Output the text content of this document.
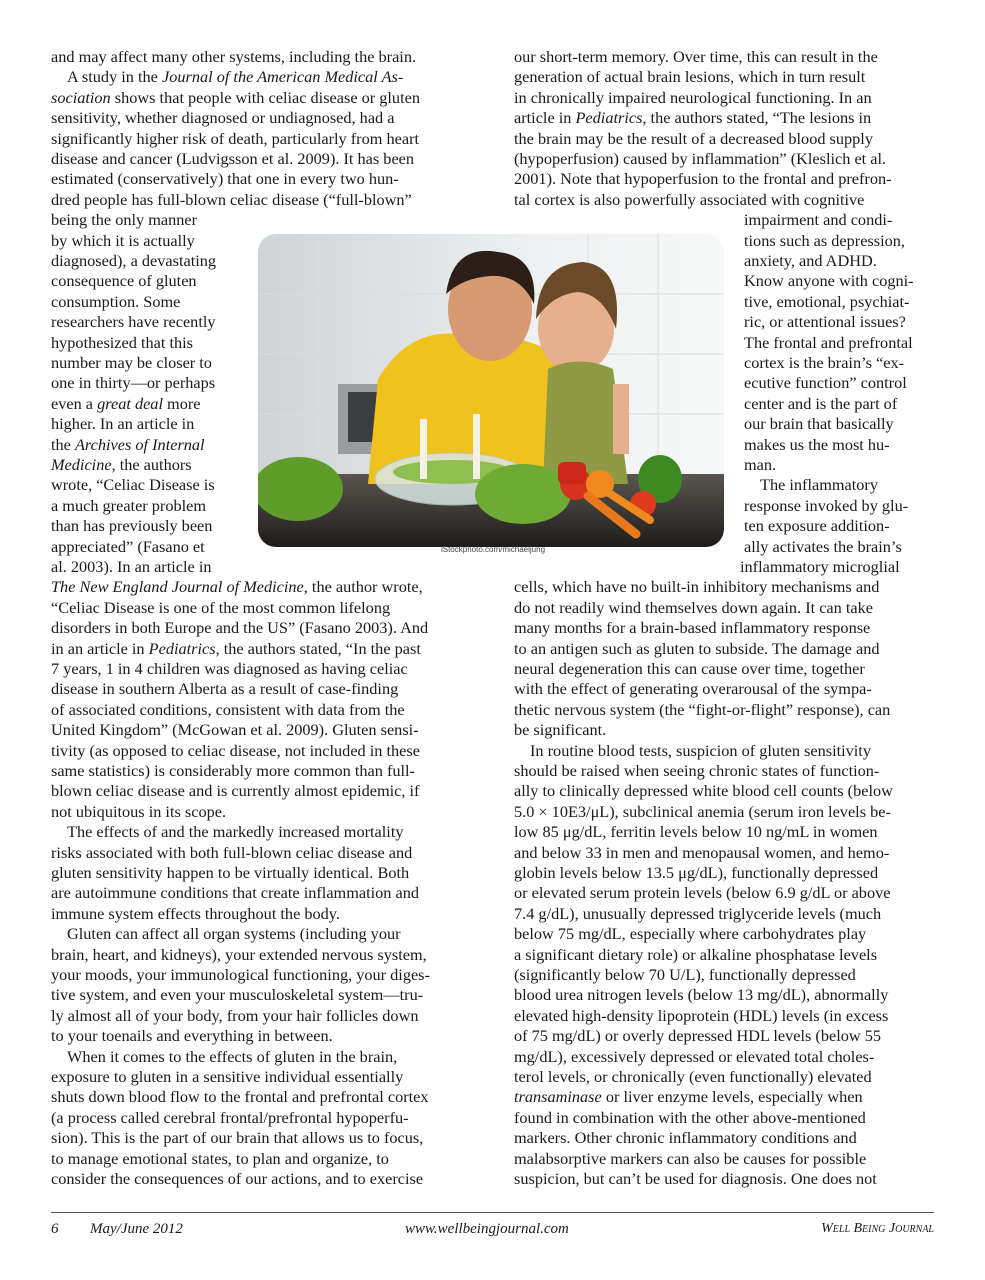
and may affect many other systems, including the brain.
A study in the Journal of the American Medical As-
sociation shows that people with celiac disease or gluten
sensitivity, whether diagnosed or undiagnosed, had a
significantly higher risk of death, particularly from heart
disease and cancer (Ludvigsson et al. 2009). It has been
estimated (conservatively) that one in every two hun-
dred people has full-blown celiac disease (“full-blown”
being the only manner
by which it is actually
diagnosed), a devastating
consequence of gluten
consumption. Some
researchers have recently
hypothesized that this
number may be closer to
one in thirty—or perhaps
even a great deal more
higher. In an article in
the Archives of Internal
Medicine, the authors
wrote, “Celiac Disease is
a much greater problem
than has previously been
appreciated” (Fasano et
al. 2003). In an article in
The New England Journal of Medicine, the author wrote,
“Celiac Disease is one of the most common lifelong
disorders in both Europe and the US” (Fasano 2003). And
in an article in Pediatrics, the authors stated, “In the past
7 years, 1 in 4 children was diagnosed as having celiac
disease in southern Alberta as a result of case-finding
of associated conditions, consistent with data from the
United Kingdom” (McGowan et al. 2009). Gluten sensi-
tivity (as opposed to celiac disease, not included in these
same statistics) is considerably more common than full-
blown celiac disease and is currently almost epidemic, if
not ubiquitous in its scope.
The effects of and the markedly increased mortality
risks associated with both full-blown celiac disease and
gluten sensitivity happen to be virtually identical. Both
are autoimmune conditions that create inflammation and
immune system effects throughout the body.
Gluten can affect all organ systems (including your
brain, heart, and kidneys), your extended nervous system,
your moods, your immunological functioning, your diges-
tive system, and even your musculoskeletal system—tru-
ly almost all of your body, from your hair follicles down
to your toenails and everything in between.
When it comes to the effects of gluten in the brain,
exposure to gluten in a sensitive individual essentially
shuts down blood flow to the frontal and prefrontal cortex
(a process called cerebral frontal/prefrontal hypoperfu-
sion). This is the part of our brain that allows us to focus,
to manage emotional states, to plan and organize, to
consider the consequences of our actions, and to exercise
our short-term memory. Over time, this can result in the
generation of actual brain lesions, which in turn result
in chronically impaired neurological functioning. In an
article in Pediatrics, the authors stated, “The lesions in
the brain may be the result of a decreased blood supply
(hypoperfusion) caused by inflammation” (Kleslich et al.
2001). Note that hypoperfusion to the frontal and prefron-
tal cortex is also powerfully associated with cognitive
impairment and condi-
tions such as depression,
anxiety, and ADHD.
Know anyone with cogni-
tive, emotional, psychiat-
ric, or attentional issues?
The frontal and prefrontal
cortex is the brain’s “ex-
ecutive function” control
center and is the part of
our brain that basically
makes us the most hu-
man.
The inflammatory
response invoked by glu-
ten exposure addition-
ally activates the brain’s
inflammatory microglial
cells, which have no built-in inhibitory mechanisms and
do not readily wind themselves down again. It can take
many months for a brain-based inflammatory response
to an antigen such as gluten to subside. The damage and
neural degeneration this can cause over time, together
with the effect of generating overarousal of the sympa-
thetic nervous system (the “fight-or-flight” response), can
be significant.
In routine blood tests, suspicion of gluten sensitivity
should be raised when seeing chronic states of function-
ally to clinically depressed white blood cell counts (below
5.0 × 10E3/μL), subclinical anemia (serum iron levels be-
low 85 μg/dL, ferritin levels below 10 ng/mL in women
and below 33 in men and menopausal women, and hemo-
globin levels below 13.5 μg/dL), functionally depressed
or elevated serum protein levels (below 6.9 g/dL or above
7.4 g/dL), unusually depressed triglyceride levels (much
below 75 mg/dL, especially where carbohydrates play
a significant dietary role) or alkaline phosphatase levels
(significantly below 70 U/L), functionally depressed
blood urea nitrogen levels (below 13 mg/dL), abnormally
elevated high-density lipoprotein (HDL) levels (in excess
of 75 mg/dL) or overly depressed HDL levels (below 55
mg/dL), excessively depressed or elevated total choles-
terol levels, or chronically (even functionally) elevated
transaminase or liver enzyme levels, especially when
found in combination with the other above-mentioned
markers. Other chronic inflammatory conditions and
malabsorptive markers can also be causes for possible
suspicion, but can’t be used for diagnosis. One does not
iStockphoto.com/michaeljung
6 May/June 2012	www.wellbeingjournal.com	Well Being Journal
